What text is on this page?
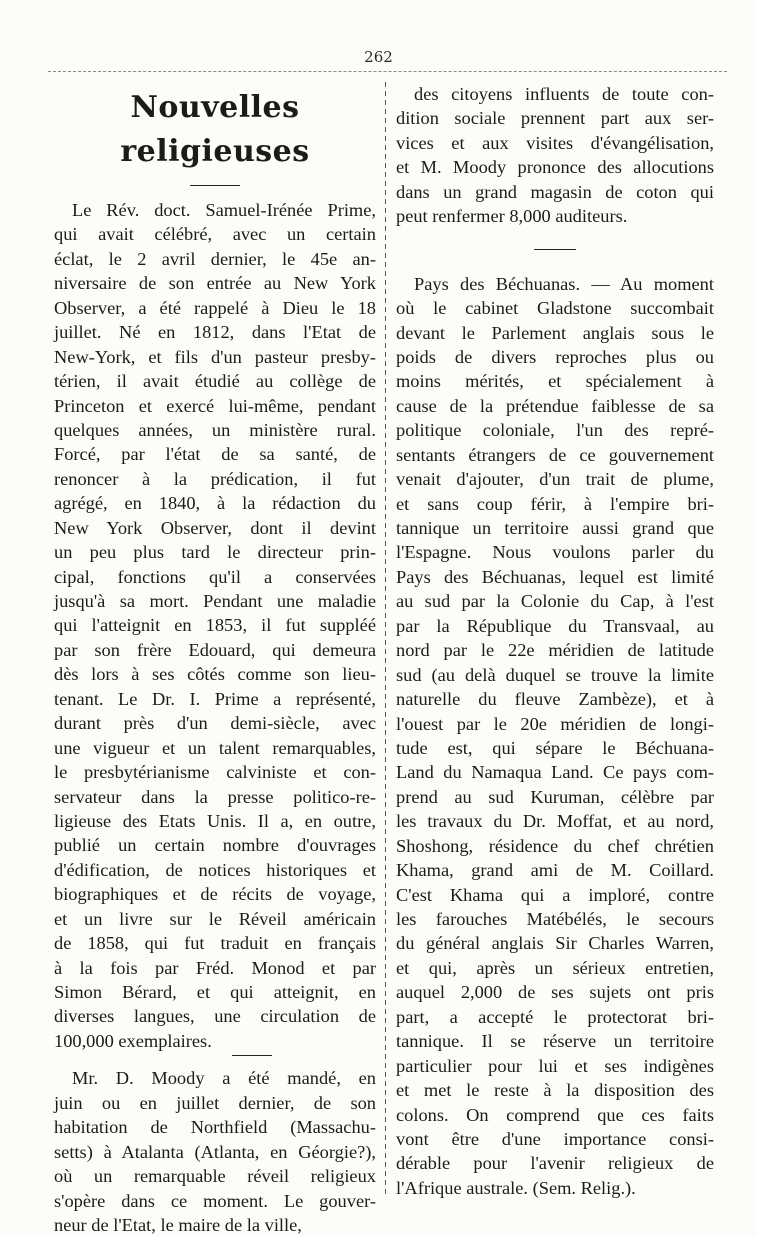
262
Nouvelles religieuses
Le Rév. doct. Samuel-Irénée Prime,
qui avait célébré, avec un certain
éclat, le 2 avril dernier, le 45e an-
niversaire de son entrée au New York
Observer, a été rappelé à Dieu le 18
juillet. Né en 1812, dans l'Etat de
New-York, et fils d'un pasteur presby-
térien, il avait étudié au collège de
Princeton et exercé lui-même, pendant
quelques années, un ministère rural.
Forcé, par l'état de sa santé, de
renoncer à la prédication, il fut
agrégé, en 1840, à la rédaction du
New York Observer, dont il devint
un peu plus tard le directeur prin-
cipal, fonctions qu'il a conservées
jusqu'à sa mort. Pendant une maladie
qui l'atteignit en 1853, il fut suppléé
par son frère Edouard, qui demeura
dès lors à ses côtés comme son lieu-
tenant. Le Dr. I. Prime a représenté,
durant près d'un demi-siècle, avec
une vigueur et un talent remarquables,
le presbytérianisme calviniste et con-
servateur dans la presse politico-re-
ligieuse des Etats Unis. Il a, en outre,
publié un certain nombre d'ouvrages
d'édification, de notices historiques et
biographiques et de récits de voyage,
et un livre sur le Réveil américain
de 1858, qui fut traduit en français
à la fois par Fréd. Monod et par
Simon Bérard, et qui atteignit, en
diverses langues, une circulation de
100,000 exemplaires.
Mr. D. Moody a été mandé, en
juin ou en juillet dernier, de son
habitation de Northfield (Massachu-
setts) à Atalanta (Atlanta, en Géorgie?),
où un remarquable réveil religieux
s'opère dans ce moment. Le gouver-
neur de l'Etat, le maire de la ville,
des citoyens influents de toute con-
dition sociale prennent part aux ser-
vices et aux visites d'évangélisation,
et M. Moody prononce des allocutions
dans un grand magasin de coton qui
peut renfermer 8,000 auditeurs.
Pays des Béchuanas. — Au moment
où le cabinet Gladstone succombait
devant le Parlement anglais sous le
poids de divers reproches plus ou
moins mérités, et spécialement à
cause de la prétendue faiblesse de sa
politique coloniale, l'un des repré-
sentants étrangers de ce gouvernement
venait d'ajouter, d'un trait de plume,
et sans coup férir, à l'empire bri-
tannique un territoire aussi grand que
l'Espagne. Nous voulons parler du
Pays des Béchuanas, lequel est limité
au sud par la Colonie du Cap, à l'est
par la République du Transvaal, au
nord par le 22e méridien de latitude
sud (au delà duquel se trouve la limite
naturelle du fleuve Zambèze), et à
l'ouest par le 20e méridien de longi-
tude est, qui sépare le Béchuana-
Land du Namaqua Land. Ce pays com-
prend au sud Kuruman, célèbre par
les travaux du Dr. Moffat, et au nord,
Shoshong, résidence du chef chrétien
Khama, grand ami de M. Coillard.
C'est Khama qui a imploré, contre
les farouches Matébélés, le secours
du général anglais Sir Charles Warren,
et qui, après un sérieux entretien,
auquel 2,000 de ses sujets ont pris
part, a accepté le protectorat bri-
tannique. Il se réserve un territoire
particulier pour lui et ses indigènes
et met le reste à la disposition des
colons. On comprend que ces faits
vont être d'une importance consi-
dérable pour l'avenir religieux de
l'Afrique australe. (Sem. Relig.).
